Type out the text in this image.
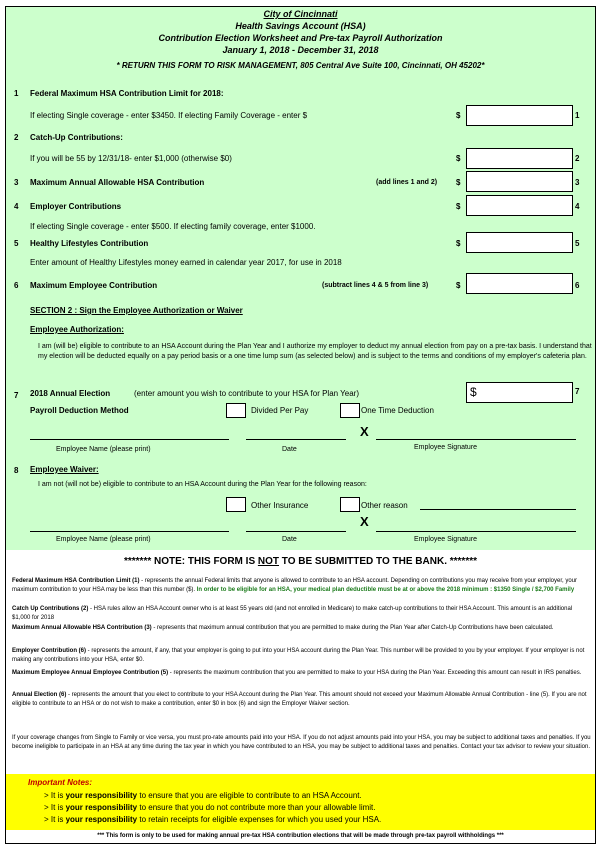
City of Cincinnati
Health Savings Account (HSA)
Contribution Election Worksheet and Pre-tax Payroll Authorization
January 1, 2018 - December 31, 2018
* RETURN THIS FORM TO RISK MANAGEMENT, 805 Central Ave Suite 100, Cincinnati, OH 45202*
1 Federal Maximum HSA Contribution Limit for 2018:
If electing Single coverage - enter $3450. If electing Family Coverage - enter $	$	1
2 Catch-Up Contributions:
If you will be 55 by 12/31/18- enter $1,000 (otherwise $0)	$	2
3 Maximum Annual Allowable HSA Contribution	(add lines 1 and 2) $	3
4 Employer Contributions
If electing Single coverage - enter $500. If electing family coverage, enter $1000.
$	4
5 Healthy Lifestyles Contribution
Enter amount of Healthy Lifestyles money earned in calendar year 2017, for use in 2018
$	5
6 Maximum Employee Contribution	(subtract lines 4 & 5 from line 3)	$	6
SECTION 2 : Sign the Employee Authorization or Waiver
Employee Authorization:
I am (will be) eligible to contribute to an HSA Account during the Plan Year and I authorize my employer to deduct my annual election from pay on a pre-tax basis. I understand that my election will be deducted equally on a pay period basis or a one time lump sum (as selected below) and is subject to the terms and conditions of my employer's cafeteria plan.
7 2018 Annual Election	(enter amount you wish to contribute to your HSA for Plan Year)	$	7
Payroll Deduction Method	Divided Per Pay	One Time Deduction
X
Employee Name (please print)	Date	Employee Signature
8 Employee Waiver:
I am not (will not be) eligible to contribute to an HSA Account during the Plan Year for the following reason:
Other Insurance	Other reason
X
Employee Name (please print)	Date	Employee Signature
******* NOTE: THIS FORM IS NOT TO BE SUBMITTED TO THE BANK. *******
Federal Maximum HSA Contribution Limit (1) - represents the annual Federal limits that anyone is allowed to contribute to an HSA account. Depending on contributions you may receive from your employer, your maximum contribution to your HSA may be less than this number ($). In order to be eligible for an HSA, your medical plan deductible must be at or above the 2018 minimum : $1350 Single / $2,700 Family
Catch Up Contributions (2) - HSA rules allow an HSA Account owner who is at least 55 years old (and not enrolled in Medicare) to make catch-up contributions to their HSA Account. This amount is an additional $1,000 for 2018
Maximum Annual Allowable HSA Contribution (3) - represents that maximum annual contribution that you are permitted to make during the Plan Year after Catch-Up Contributions have been calculated.
Employer Contribution (6) - represents the amount, if any, that your employer is going to put into your HSA account during the Plan Year. This number will be provided to you by your employer. If your employer is not making any contributions into your HSA, enter $0.
Maximum Employee Annual Employee Contribution (5) - represents the maximum contribution that you are permitted to make to your HSA during the Plan Year. Exceeding this amount can result in IRS penalties.
Annual Election (6) - represents the amount that you elect to contribute to your HSA Account during the Plan Year. This amount should not exceed your Maximum Allowable Annual Contribution - line (5). If you are not eligible to contribute to an HSA or do not wish to make a contribution, enter $0 in box (6) and sign the Employer Waiver section.
If your coverage changes from Single to Family or vice versa, you must pro-rate amounts paid into your HSA. If you do not adjust amounts paid into your HSA, you may be subject to additional taxes and penalties. If you become ineligible to participate in an HSA at any time during the tax year in which you have contributed to an HSA, you may be subject to additional taxes and penalties. Contact your tax advisor to review your situation.
Important Notes:
> It is your responsibility to ensure that you are eligible to contribute to an HSA Account.
> It is your responsibility to ensure that you do not contribute more than your allowable limit.
> It is your responsibility to retain receipts for eligible expenses for which you used your HSA.
*** This form is only to be used for making annual pre-tax HSA contribution elections that will be made through pre-tax payroll withholdings ***
